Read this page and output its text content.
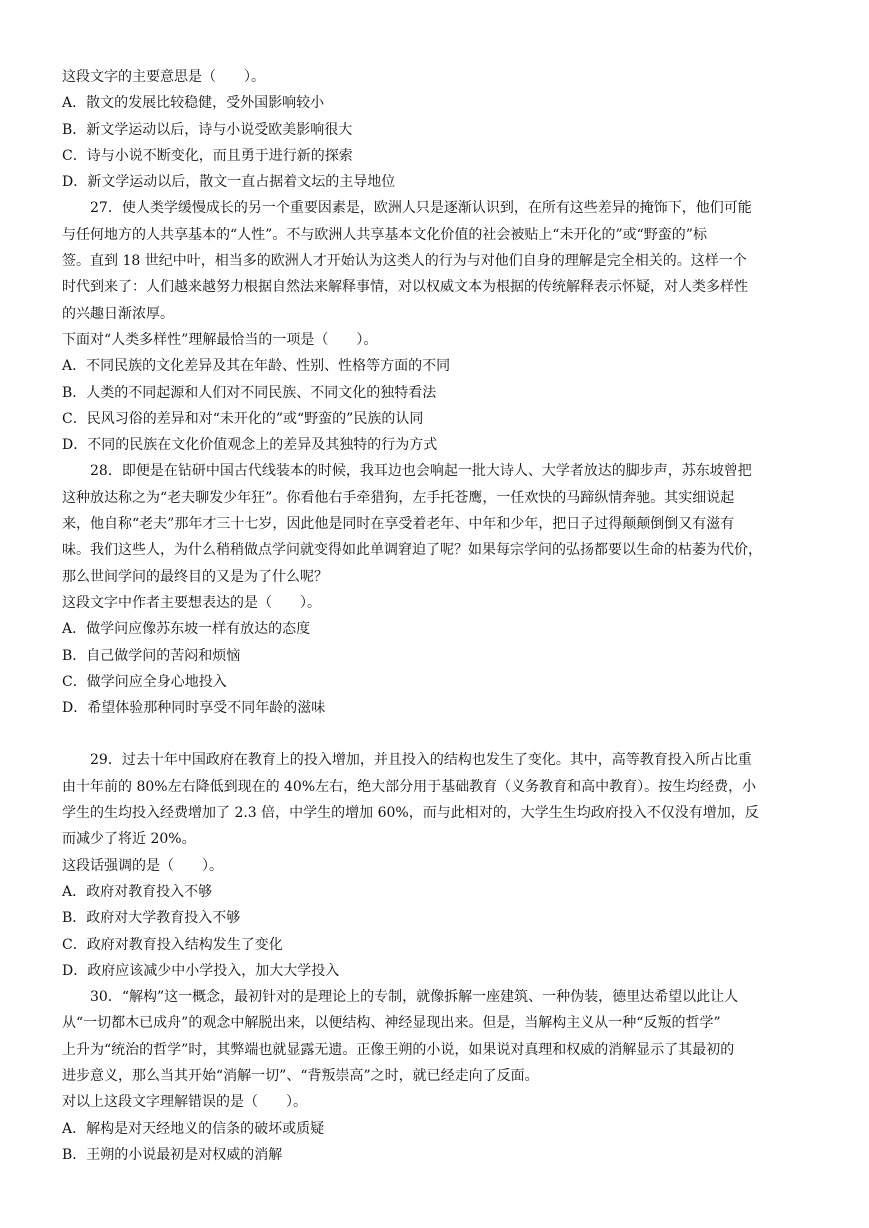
这段文字的主要意思是（　　）。
A．散文的发展比较稳健，受外国影响较小
B．新文学运动以后，诗与小说受欧美影响很大
C．诗与小说不断变化，而且勇于进行新的探索
D．新文学运动以后，散文一直占据着文坛的主导地位
27．使人类学缓慢成长的另一个重要因素是，欧洲人只是逐渐认识到，在所有这些差异的掩饰下，他们可能
与任何地方的人共享基本的“人性”。不与欧洲人共享基本文化价值的社会被贴上“未开化的”或“野蛮的”标
签。直到 18 世纪中叶，相当多的欧洲人才开始认为这类人的行为与对他们自身的理解是完全相关的。这样一个
时代到来了：人们越来越努力根据自然法来解释事情，对以权威文本为根据的传统解释表示怀疑，对人类多样性
的兴趣日渐浓厚。
下面对“人类多样性”理解最恰当的一项是（　　）。
A．不同民族的文化差异及其在年龄、性别、性格等方面的不同
B．人类的不同起源和人们对不同民族、不同文化的独特看法
C．民风习俗的差异和对“未开化的”或“野蛮的”民族的认同
D．不同的民族在文化价值观念上的差异及其独特的行为方式
28．即便是在钻研中国古代线装本的时候，我耳边也会响起一批大诗人、大学者放达的脚步声，苏东坡曾把
这种放达称之为“老夫聊发少年狂”。你看他右手牵猎狗，左手托苍鹰，一任欢快的马蹄纵情奔驰。其实细说起
来，他自称“老夫”那年才三十七岁，因此他是同时在享受着老年、中年和少年，把日子过得颠颠倒倒又有滋有
味。我们这些人，为什么稍稍做点学问就变得如此单调窘迫了呢？如果每宗学问的弘扬都要以生命的枯萎为代价，
那么世间学问的最终目的又是为了什么呢？
这段文字中作者主要想表达的是（　　）。
A．做学问应像苏东坡一样有放达的态度
B．自己做学问的苦闷和烦恼
C．做学问应全身心地投入
D．希望体验那种同时享受不同年龄的滋味
29．过去十年中国政府在教育上的投入增加，并且投入的结构也发生了变化。其中，高等教育投入所占比重
由十年前的 80%左右降低到现在的 40%左右，绝大部分用于基础教育（义务教育和高中教育）。按生均经费，小
学生的生均投入经费增加了 2.3 倍，中学生的增加 60%，而与此相对的，大学生生均政府投入不仅没有增加，反
而减少了将近 20%。
这段话强调的是（　　）。
A．政府对教育投入不够
B．政府对大学教育投入不够
C．政府对教育投入结构发生了变化
D．政府应该减少中小学投入，加大大学投入
30．“解构”这一概念，最初针对的是理论上的专制，就像拆解一座建筑、一种伪装，德里达希望以此让人
从“一切都木已成舟”的观念中解脱出来，以便结构、神经显现出来。但是，当解构主义从一种“反叛的哲学”
上升为“统治的哲学”时，其弊端也就显露无遗。正像王朔的小说，如果说对真理和权威的消解显示了其最初的
进步意义，那么当其开始“消解一切”、“背叛崇高”之时，就已经走向了反面。
对以上这段文字理解错误的是（　　）。
A．解构是对天经地义的信条的破坏或质疑
B．王朔的小说最初是对权威的消解
